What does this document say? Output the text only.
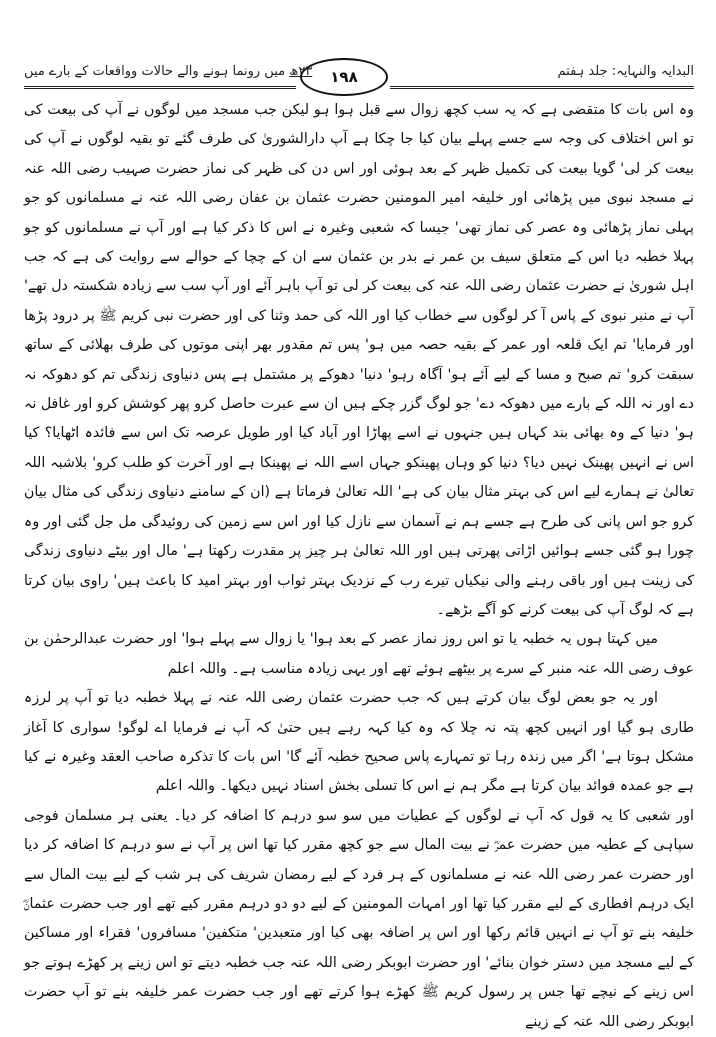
البدایہ والنہایہ: جلد ہفتم
۱۹۸
۲۳ھ میں رونما ہونے والے حالات وواقعات کے بارے میں

وہ اس بات کا متقضی ہے کہ یہ سب کچھ زوال سے قبل ہوا ہو لیکن جب مسجد میں لوگوں نے آپ کی بیعت کی تو اس اختلاف کی وجہ سے جسے پہلے بیان کیا جا چکا ہے آپ دارالشوریٰ کی طرف گئے تو بقیہ لوگوں نے آپ کی بیعت کر لی' گویا بیعت کی تکمیل ظہر کے بعد ہوئی اور اس دن کی ظہر کی نماز حضرت صہیب رضی اللہ عنہ نے مسجد نبوی میں پڑھائی اور خلیفہ امیر المومنین حضرت عثمان بن عفان رضی اللہ عنہ نے مسلمانوں کو جو پہلی نماز پڑھائی وہ عصر کی نماز تھی' جیسا کہ شعبی وغیرہ نے اس کا ذکر کیا ہے اور آپ نے مسلمانوں کو جو پہلا خطبہ دیا اس کے متعلق سیف بن عمر نے بدر بن عثمان سے ان کے چچا کے حوالے سے روایت کی ہے کہ جب اہل شوریٰ نے حضرت عثمان رضی اللہ عنہ کی بیعت کر لی تو آپ باہر آئے اور آپ سب سے زیادہ شکستہ دل تھے' آپ نے منبر نبوی کے پاس آ کر لوگوں سے خطاب کیا اور اللہ کی حمد وثنا کی اور حضرت نبی کریم ﷺ پر درود پڑھا اور فرمایا' تم ایک قلعہ اور عمر کے بقیہ حصہ میں ہو' پس تم مقدور بھر اپنی موتوں کی طرف بھلائی کے ساتھ سبقت کرو' تم صبح و مسا کے لیے آئے ہو' آگاہ رہو' دنیا' دھوکے پر مشتمل ہے پس دنیاوی زندگی تم کو دھوکہ نہ دے اور نہ اللہ کے بارے میں دھوکہ دے' جو لوگ گزر چکے ہیں ان سے عبرت حاصل کرو پھر کوشش کرو اور غافل نہ ہو' دنیا کے وہ بھائی بند کہاں ہیں جنہوں نے اسے پھاڑا اور آباد کیا اور طویل عرصہ تک اس سے فائدہ اٹھایا؟ کیا اس نے انہیں پھینک نہیں دیا؟ دنیا کو وہاں پھینکو جہاں اسے اللہ نے پھینکا ہے اور آخرت کو طلب کرو' بلاشبہ اللہ تعالیٰ نے ہمارے لیے اس کی بہتر مثال بیان کی ہے' اللہ تعالیٰ فرماتا ہے (ان کے سامنے دنیاوی زندگی کی مثال بیان کرو جو اس پانی کی طرح ہے جسے ہم نے آسمان سے نازل کیا اور اس سے زمین کی روئیدگی مل جل گئی اور وہ چورا ہو گئی جسے ہوائیں اڑاتی پھرتی ہیں اور اللہ تعالیٰ ہر چیز پر مقدرت رکھتا ہے' مال اور بیٹے دنیاوی زندگی کی زینت ہیں اور باقی رہنے والی نیکیاں تیرے رب کے نزدیک بہتر ثواب اور بہتر امید کا باعث ہیں' راوی بیان کرتا ہے کہ لوگ آپ کی بیعت کرنے کو آگے بڑھے۔

میں کہتا ہوں یہ خطبہ یا تو اس روز نماز عصر کے بعد ہوا' یا زوال سے پہلے ہوا' اور حضرت عبدالرحمٰن بن عوف رضی اللہ عنہ منبر کے سرے پر بیٹھے ہوئے تھے اور یہی زیادہ مناسب ہے۔ واللہ اعلم

اور یہ جو بعض لوگ بیان کرتے ہیں کہ جب حضرت عثمان رضی اللہ عنہ نے پہلا خطبہ دیا تو آپ پر لرزہ طاری ہو گیا اور انہیں کچھ پتہ نہ چلا کہ وہ کیا کہہ رہے ہیں حتیٰ کہ آپ نے فرمایا اے لوگو! سواری کا آغاز مشکل ہوتا ہے' اگر میں زندہ رہا تو تمہارے پاس صحیح خطبہ آئے گا' اس بات کا تذکرہ صاحب العقد وغیرہ نے کیا ہے جو عمدہ فوائد بیان کرتا ہے مگر ہم نے اس کا تسلی بخش اسناد نہیں دیکھا۔ واللہ اعلم

اور شعبی کا یہ قول کہ آپ نے لوگوں کے عطیات میں سو سو درہم کا اضافہ کر دیا۔ یعنی ہر مسلمان فوجی سپاہی کے عطیہ میں حضرت عمرؓ نے بیت المال سے جو کچھ مقرر کیا تھا اس پر آپ نے سو درہم کا اضافہ کر دیا اور حضرت عمر رضی اللہ عنہ نے مسلمانوں کے ہر فرد کے لیے رمضان شریف کی ہر شب کے لیے بیت المال سے ایک درہم افطاری کے لیے مقرر کیا تھا اور امہات المومنین کے لیے دو دو درہم مقرر کیے تھے اور جب حضرت عثمانؓ خلیفہ بنے تو آپ نے انہیں قائم رکھا اور اس پر اضافہ بھی کیا اور متعبدین' متکفین' مسافروں' فقراء اور مساکین کے لیے مسجد میں دستر خوان بنائے' اور حضرت ابوبکر رضی اللہ عنہ جب خطبہ دیتے تو اس زینے پر کھڑے ہوتے جو اس زینے کے نیچے تھا جس پر رسول کریم ﷺ کھڑے ہوا کرتے تھے اور جب حضرت عمر خلیفہ بنے تو آپ حضرت ابوبکر رضی اللہ عنہ کے زینے
